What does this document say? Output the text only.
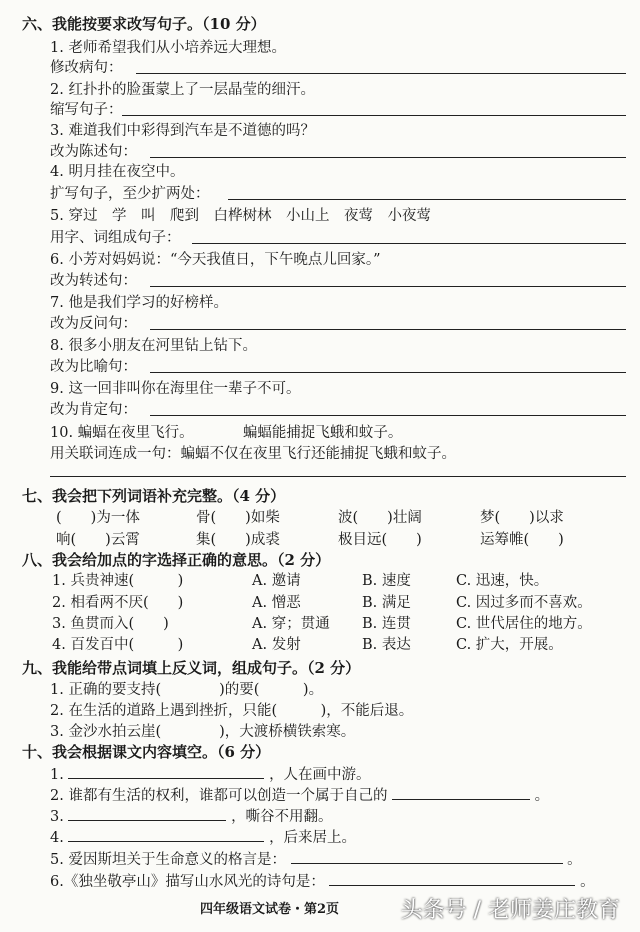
六、我能按要求改写句子。（10 分）
1. 老师希望我们从小培养远大理想。
修改病句：
2. 红扑扑的脸蛋蒙上了一层晶莹的细汗。
缩写句子：
3. 难道我们中彩得到汽车是不道德的吗？
改为陈述句：
4. 明月挂在夜空中。
扩写句子，至少扩两处：
5. 穿过　学　叫　爬到　白桦树林　小山上　夜莺　小夜莺
用字、词组成句子：
6. 小芳对妈妈说：“今天我值日，下午晚点儿回家。”
改为转述句：
7. 他是我们学习的好榜样。
改为反问句：
8. 很多小朋友在河里钻上钻下。
改为比喻句：
9. 这一回非叫你在海里住一辈子不可。
改为肯定句：
10. 蝙蝠在夜里飞行。	蝙蝠能捕捉飞蛾和蚊子。
用关联词连成一句：蝙蝠不仅在夜里飞行还能捕捉飞蛾和蚊子。
七、我会把下列词语补充完整。（4 分）
(　　)为一体	骨(　　)如柴	波(　　)壮阔	梦(　　)以求
响(　　)云霄	集(　　)成裘	极目远(　　)	运筹帷(　　)
八、我会给加点的字选择正确的意思。（2 分）
1. 兵贵神速(　　　)	A. 邀请	B. 速度	C. 迅速，快。
2. 相看两不厌(　　)	A. 憎恶	B. 满足	C. 因过多而不喜欢。
3. 鱼贯而入(　　)	A. 穿；贯通 B. 连贯	C. 世代居住的地方。
4. 百发百中(　　　)	A. 发射	B. 表达	C. 扩大，开展。
九、我能给带点词填上反义词，组成句子。（2 分）
1. 正确的要支持(　　　　)的要(　　　)。
2. 在生活的道路上遇到挫折，只能(　　　)，不能后退。
3. 金沙水拍云崖(　　　　)，大渡桥横铁索寒。
十、我会根据课文内容填空。（6 分）
1.	，人在画中游。
2. 谁都有生活的权利，谁都可以创造一个属于自己的	。
3.	，嘶谷不用翻。
4.	，后来居上。
5. 爱因斯坦关于生命意义的格言是：	。
6.《独坐敬亭山》描写山水风光的诗句是：	。
四年级语文试卷・第2页	头条号 / 老师姜庄教育
